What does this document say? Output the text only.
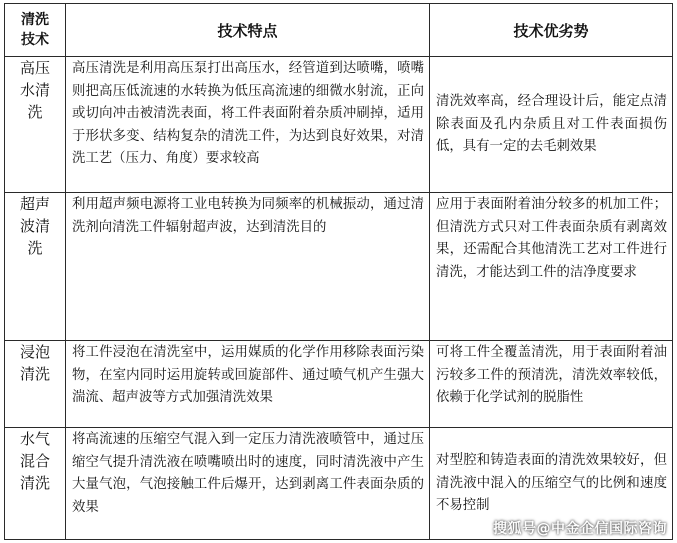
清洗技术	技术特点	技术优劣势
高压水清洗	高压清洗是利用高压泵打出高压水，经管道到达喷嘴，喷嘴则把高压低流速的水转换为低压高流速的细微水射流，正向或切向冲击被清洗表面，将工件表面附着杂质冲刷掉，适用于形状多变、结构复杂的清洗工件，为达到良好效果，对清洗工艺（压力、角度）要求较高	清洗效率高，经合理设计后，能定点清除表面及孔内杂质且对工件表面损伤低，具有一定的去毛刺效果
超声波清洗	利用超声频电源将工业电转换为同频率的机械振动，通过清洗剂向清洗工件辐射超声波，达到清洗目的	应用于表面附着油分较多的机加工件；但清洗方式只对工件表面杂质有剥离效果，还需配合其他清洗工艺对工件进行清洗，才能达到工件的洁净度要求
浸泡清洗	将工件浸泡在清洗室中，运用媒质的化学作用移除表面污染物，在室内同时运用旋转或回旋部件、通过喷气机产生强大湍流、超声波等方式加强清洗效果	可将工件全覆盖清洗，用于表面附着油污较多工件的预清洗，清洗效率较低，依赖于化学试剂的脱脂性
水气混合清洗	将高流速的压缩空气混入到一定压力清洗液喷管中，通过压缩空气提升清洗液在喷嘴喷出时的速度，同时清洗液中产生大量气泡，气泡接触工件后爆开，达到剥离工件表面杂质的效果	对型腔和铸造表面的清洗效果较好，但清洗液中混入的压缩空气的比例和速度不易控制
搜狐号@中金企信国际咨询
